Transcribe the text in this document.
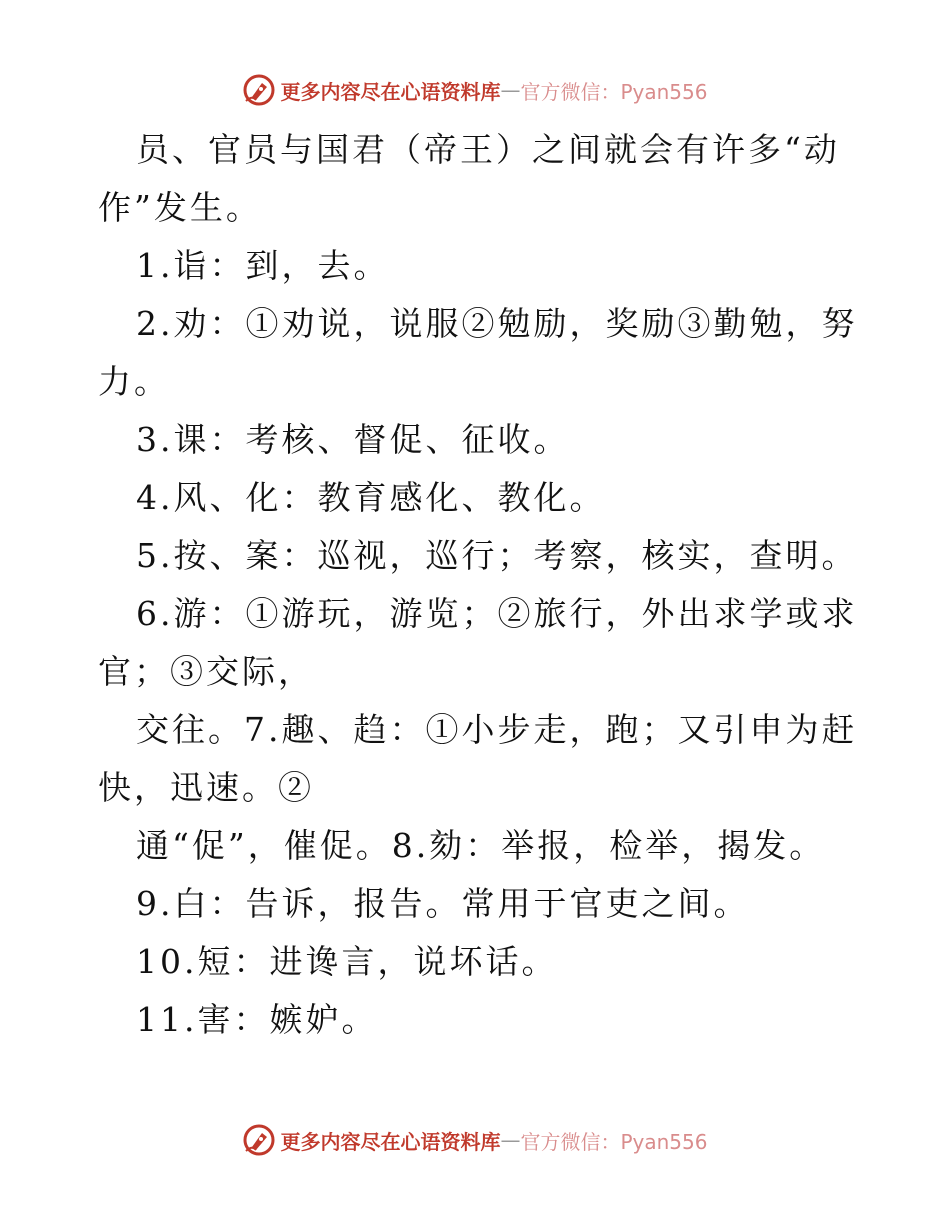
更多内容尽在心语资料库 — 官方微信：Pyan556
员、官员与国君（帝王）之间就会有许多“动
作”发生。
1.诣：到，去。
2.劝：①劝说，说服②勉励，奖励③勤勉，努
力。
3.课：考核、督促、征收。
4.风、化：教育感化、教化。
5.按、案：巡视，巡行；考察，核实，查明。
6.游：①游玩，游览；②旅行，外出求学或求
官；③交际，
交往。7.趣、趋：①小步走，跑；又引申为赶
快，迅速。②
通“促”，催促。8.劾：举报，检举，揭发。
9.白：告诉，报告。常用于官吏之间。
10.短：进谗言，说坏话。
11.害：嫉妒。
更多内容尽在心语资料库 — 官方微信：Pyan556
